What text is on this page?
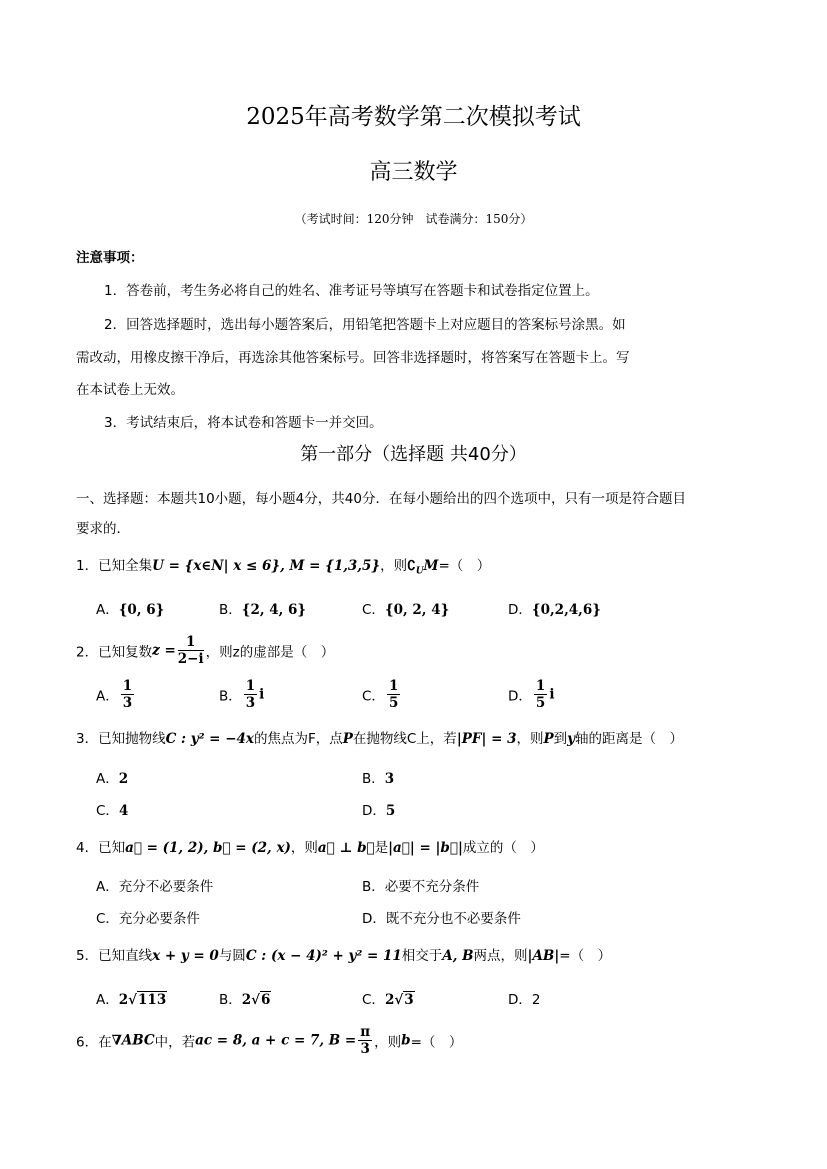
2025年高考数学第二次模拟考试
高三数学
（考试时间：120分钟　试卷满分：150分）
注意事项：
1．答卷前，考生务必将自己的姓名、准考证号等填写在答题卡和试卷指定位置上。
2．回答选择题时，选出每小题答案后，用铅笔把答题卡上对应题目的答案标号涂黑。如
需改动，用橡皮擦干净后，再选涂其他答案标号。回答非选择题时，将答案写在答题卡上。写
在本试卷上无效。
3．考试结束后，将本试卷和答题卡一并交回。
第一部分（选择题 共40分）
一、选择题：本题共10小题，每小题4分，共40分．在每小题给出的四个选项中，只有一项是符合题目
要求的．
1．已知全集U = {x∈N| x ≤ 6}, M = {1,3,5}，则$∁_UM=$（　）
A．{0, 6}	B．{2, 4, 6}	C．{0, 2, 4}	D．{0,2,4,6}
2．已知复数$z = \frac{1}{2-i}$ ，则z的虚部是（　）
A． $\frac{1}{3}$	B． $\frac{1}{3}$ i	C． $\frac{1}{5}$	D． $\frac{1}{5}$ i
3．已知抛物线C : y² = −4x的焦点为F，点P在抛物线C上，若|PF| = 3，则P到y轴的距离是（　）
A．2	B．3
C．4	D．5
4．已知a⃗ = (1, 2), b⃗ = (2, x)，则a⃗ ⊥ b⃗是|a⃗| = |b⃗|成立的（　）
A．充分不必要条件	B．必要不充分条件
C．充分必要条件	D．既不充分也不必要条件
5．已知直线x + y = 0与圆C : (x − 4)² + y² = 11相交于A, B两点，则|AB|=（　）
A．2√113	B．2√6	C．2√3	D．2
6．在∇ABC中，若ac = 8, a + c = 7, $B = \frac{\pi}{3}$ ，则b=（　）
